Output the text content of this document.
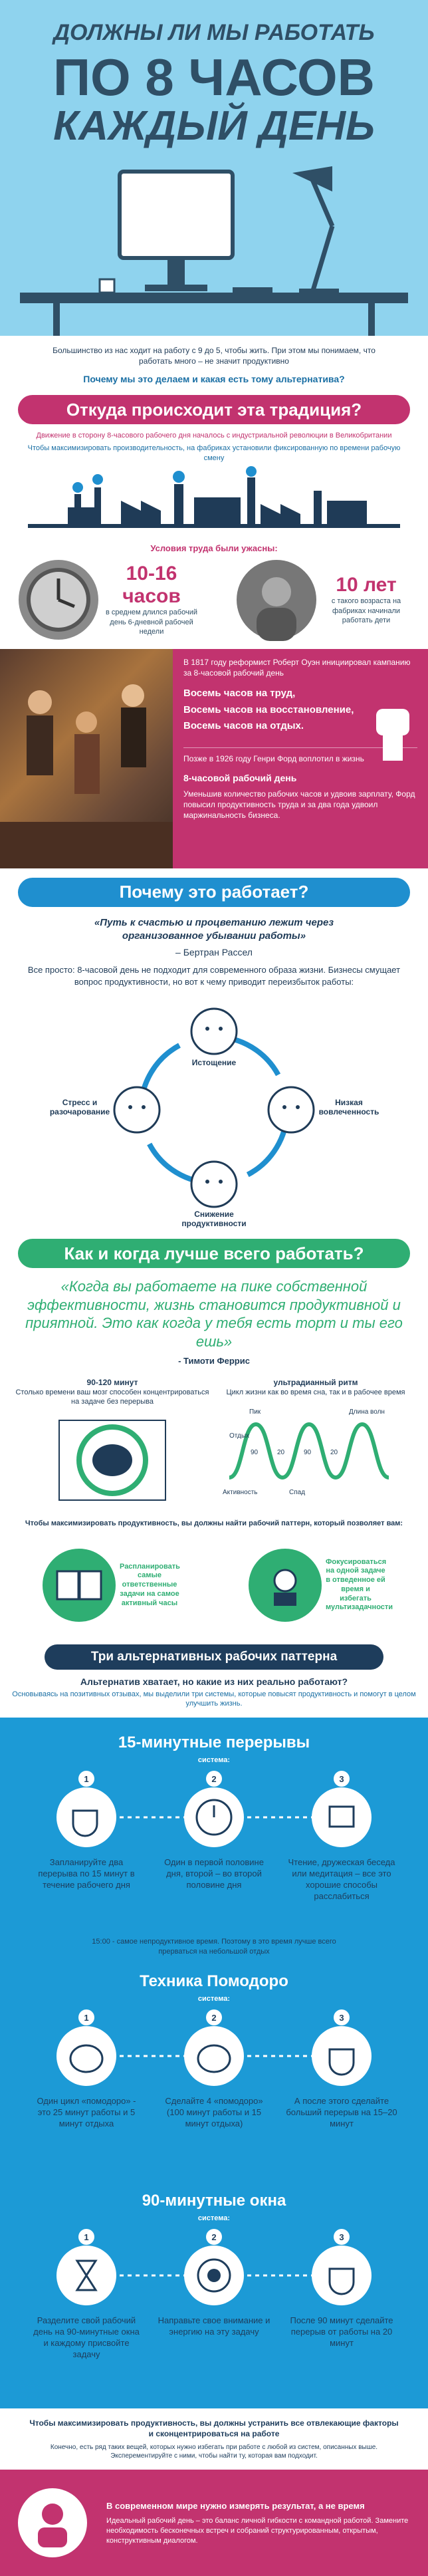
ДОЛЖНЫ ЛИ МЫ РАБОТАТЬ
ПО 8 ЧАСОВ
КАЖДЫЙ ДЕНЬ

Большинство из нас ходит на работу с 9 до 5, чтобы жить. При этом мы понимаем, что работать много – не значит продуктивно

Почему мы это делаем и какая есть тому альтернатива?

Откуда происходит эта традиция?

Движение в сторону 8-часового рабочего дня началось с индустриальной революции в Великобритании

Чтобы максимизировать производительность, на фабриках установили фиксированную по времени рабочую смену

Условия труда были ужасны:

10-16 часов
в среднем длился рабочий день 6-дневной рабочей недели
10 лет
с такого возраста на фабриках начинали работать дети

В 1817 году реформист Роберт Оуэн инициировал кампанию за 8-часовой рабочий день

Восемь часов на труд,

Восемь часов на восстановление,

Восемь часов на отдых.

Позже в 1926 году Генри Форд воплотил в жизнь

8-часовой рабочий день

Уменьшив количество рабочих часов и удвоив зарплату, Форд повысил продуктивность труда и за два года удвоил маржинальность бизнеса.

Почему это работает?

«Путь к счастью и процветанию лежит через организованное убывании работы»

– Бертран Рассел

Все просто: 8-часовой день не подходит для современного образа жизни. Бизнесы смущает вопрос продуктивности, но вот к чему приводит переизбыток работы:

Истощение
Низкая вовлеченность
Снижение продуктивности
Стресс и разочарование
Как и когда лучше всего работать?

«Когда вы работаете на пике собственной эффективности, жизнь становится продуктивной и приятной. Это как когда у тебя есть торт и ты его ешь»

- Тимоти Феррис

90-120 минут
Столько времени ваш мозг способен концентрироваться на задаче без перерыва
ультрадианный ритм
Цикл жизни как во время сна, так и в рабочее время
Пик
Отдых
Длина волн
Активность	Спад
90	20	90	20

Чтобы максимизировать продуктивность, вы должны найти рабочий паттерн, который позволяет вам:

Распланировать самые ответственные задачи на самое активный часы
Фокусироваться на одной задаче в отведенное ей время и избегать мультизадачности
Три альтернативных рабочих паттерна

Альтернатив хватает, но какие из них реально работают?

Основываясь на позитивных отзывах, мы выделили три системы, которые повысят продуктивность и помогут в целом улучшить жизнь.

15-минутные перерывы
система:
1	2	3
Запланируйте два перерыва по 15 минут в течение рабочего дня
Один в первой половине дня, второй – во второй половине дня
Чтение, дружеская беседа или медитация – все это хорошие способы расслабиться

15:00 - самое непродуктивное время. Поэтому в это время лучше всего прерваться на небольшой отдых

Техника Помодоро
система:
1	2	3
Один цикл «помодоро» - это 25 минут работы и 5 минут отдыха
Сделайте 4 «помодоро» (100 минут работы и 15 минут отдыха)
А после этого сделайте больший перерыв на 15–20 минут
90-минутные окна
система:
1	2	3
Разделите свой рабочий день на 90-минутные окна и каждому присвойте задачу
Направьте свое внимание и энергию на эту задачу
После 90 минут сделайте перерыв от работы на 20 минут

Чтобы максимизировать продуктивность, вы должны устранить все отвлекающие факторы и сконцентрироваться на работе

Конечно, есть ряд таких вещей, которых нужно избегать при работе с любой из систем, описанных выше. Эксперементируйте с ними, чтобы найти ту, которая вам подходит.

В современном мире нужно измерять результат, а не время
Идеальный рабочий день – это баланс личной гибкости с командной работой. Замените необходимость бесконечных встреч и собраний структурированным, открытым, конструктивным диалогом.
